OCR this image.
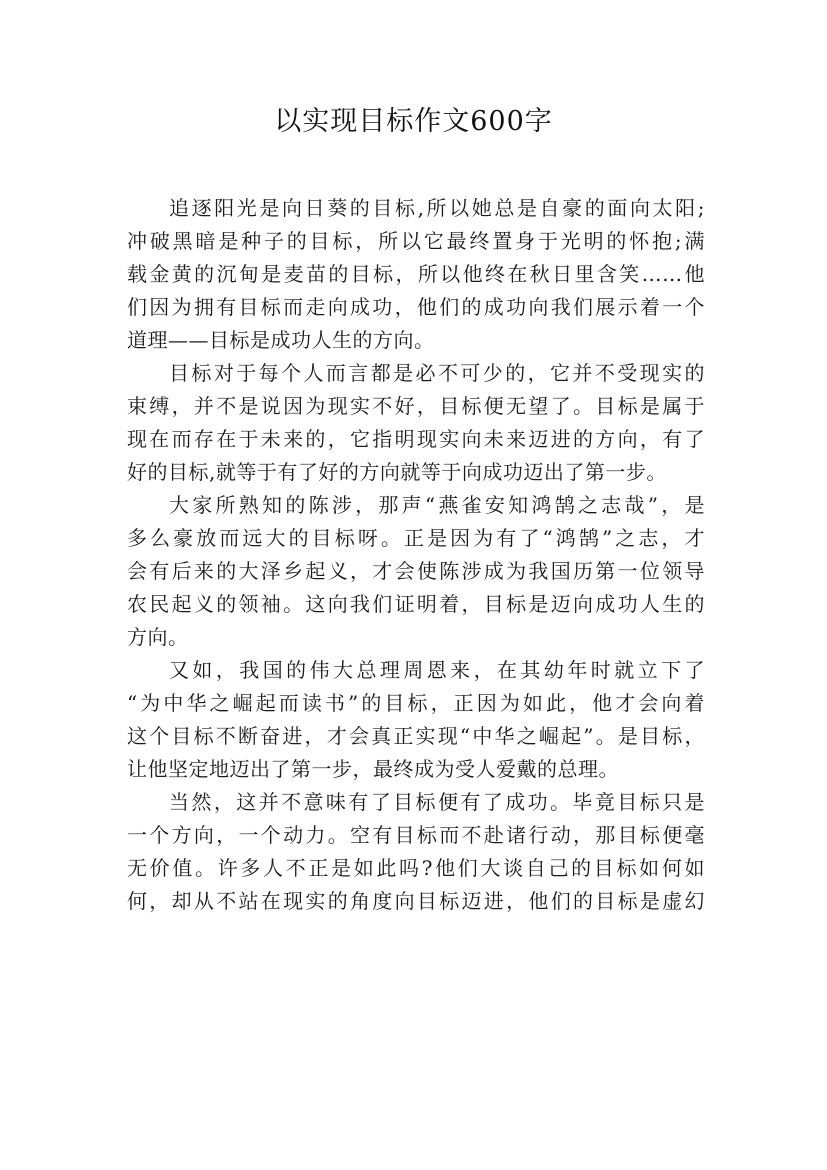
以实现目标作文600字
追逐阳光是向日葵的目标,所以她总是自豪的面向太阳;
冲破黑暗是种子的目标，所以它最终置身于光明的怀抱;满
载金黄的沉甸是麦苗的目标，所以他终在秋日里含笑……他
们因为拥有目标而走向成功，他们的成功向我们展示着一个
道理——目标是成功人生的方向。
目标对于每个人而言都是必不可少的，它并不受现实的
束缚，并不是说因为现实不好，目标便无望了。目标是属于
现在而存在于未来的，它指明现实向未来迈进的方向，有了
好的目标,就等于有了好的方向就等于向成功迈出了第一步。
大家所熟知的陈涉，那声“燕雀安知鸿鹄之志哉”，是
多么豪放而远大的目标呀。正是因为有了“鸿鹄”之志，才
会有后来的大泽乡起义，才会使陈涉成为我国历第一位领导
农民起义的领袖。这向我们证明着，目标是迈向成功人生的
方向。
又如，我国的伟大总理周恩来，在其幼年时就立下了
“为中华之崛起而读书”的目标，正因为如此，他才会向着
这个目标不断奋进，才会真正实现“中华之崛起”。是目标，
让他坚定地迈出了第一步，最终成为受人爱戴的总理。
当然，这并不意味有了目标便有了成功。毕竟目标只是
一个方向，一个动力。空有目标而不赴诸行动，那目标便毫
无价值。许多人不正是如此吗?他们大谈自己的目标如何如
何，却从不站在现实的角度向目标迈进，他们的目标是虚幻
